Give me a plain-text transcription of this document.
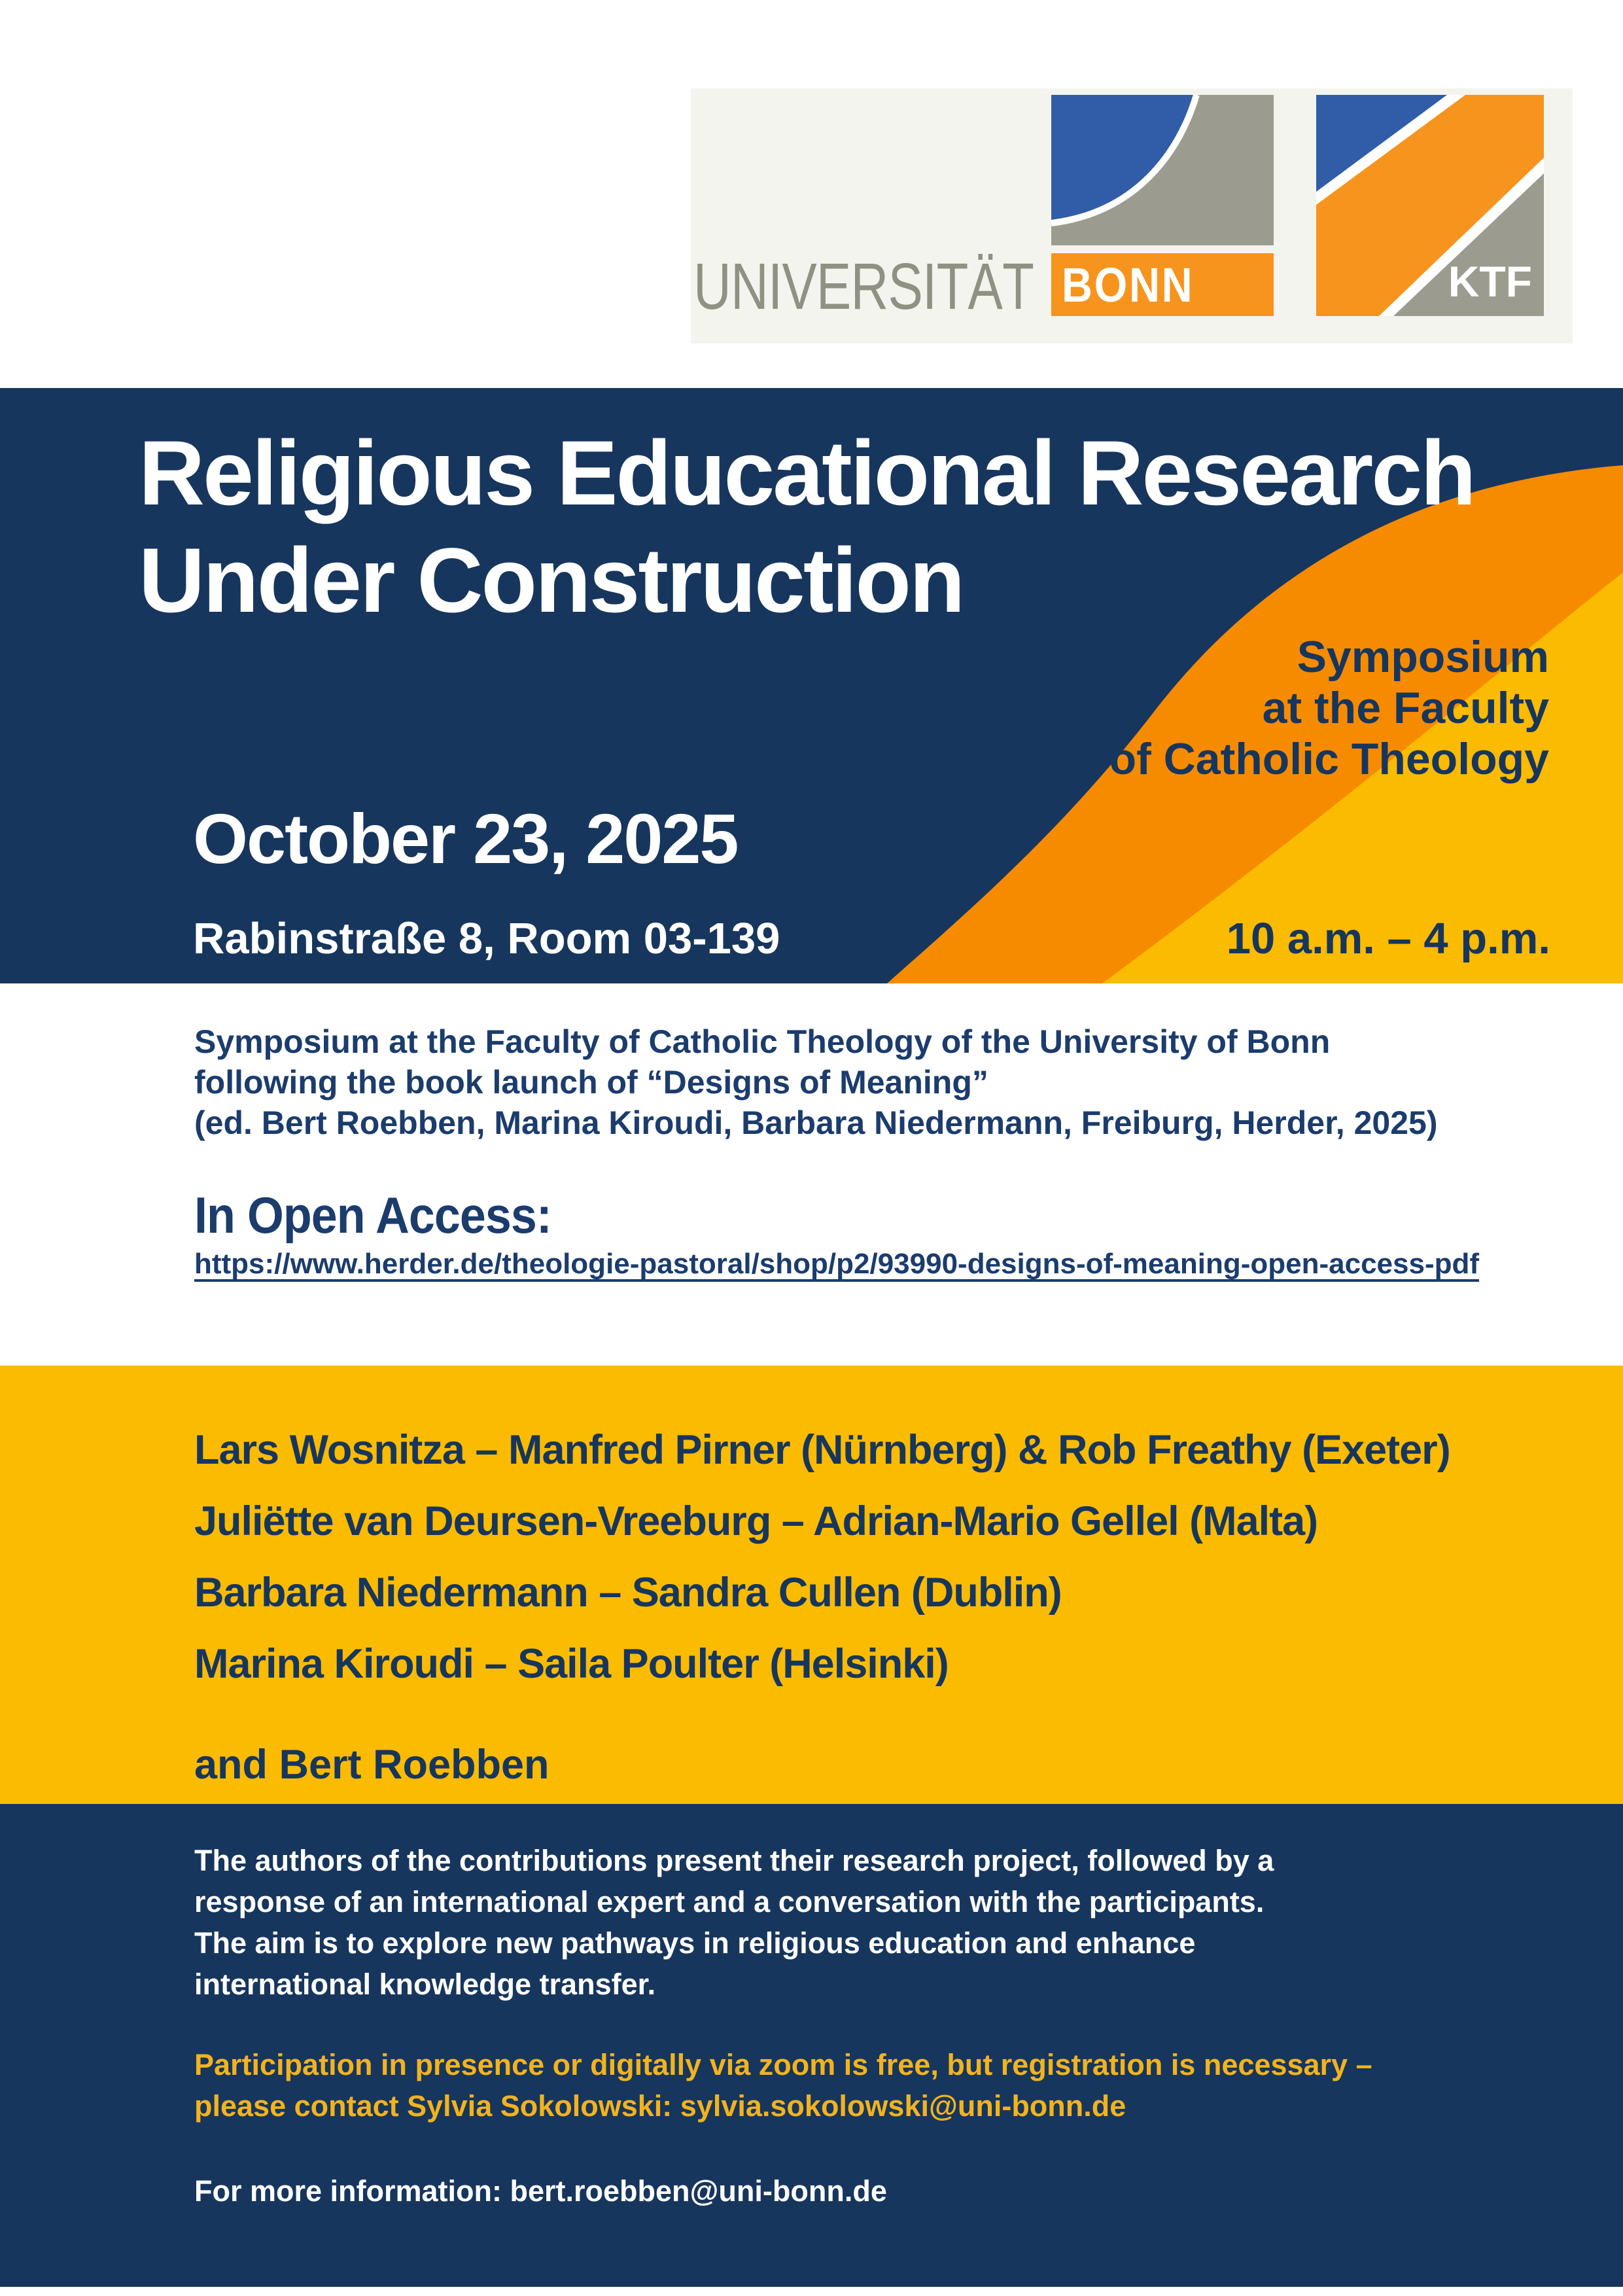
UNIVERSITÄT BONN	KTF
Religious Educational Research
Under Construction
Symposium
at the Faculty
of Catholic Theology
October 23, 2025
Rabinstraße 8, Room 03-139	10 a.m. – 4 p.m.
Symposium at the Faculty of Catholic Theology of the University of Bonn
following the book launch of “Designs of Meaning”
(ed. Bert Roebben, Marina Kiroudi, Barbara Niedermann, Freiburg, Herder, 2025)
In Open Access:
https://www.herder.de/theologie-pastoral/shop/p2/93990-designs-of-meaning-open-access-pdf
Lars Wosnitza – Manfred Pirner (Nürnberg) & Rob Freathy (Exeter)
Juliëtte van Deursen-Vreeburg – Adrian-Mario Gellel (Malta)
Barbara Niedermann – Sandra Cullen (Dublin)
Marina Kiroudi – Saila Poulter (Helsinki)
and Bert Roebben
The authors of the contributions present their research project, followed by a
response of an international expert and a conversation with the participants.
The aim is to explore new pathways in religious education and enhance
international knowledge transfer.
Participation in presence or digitally via zoom is free, but registration is necessary –
please contact Sylvia Sokolowski: sylvia.sokolowski@uni-bonn.de
For more information: bert.roebben@uni-bonn.de
